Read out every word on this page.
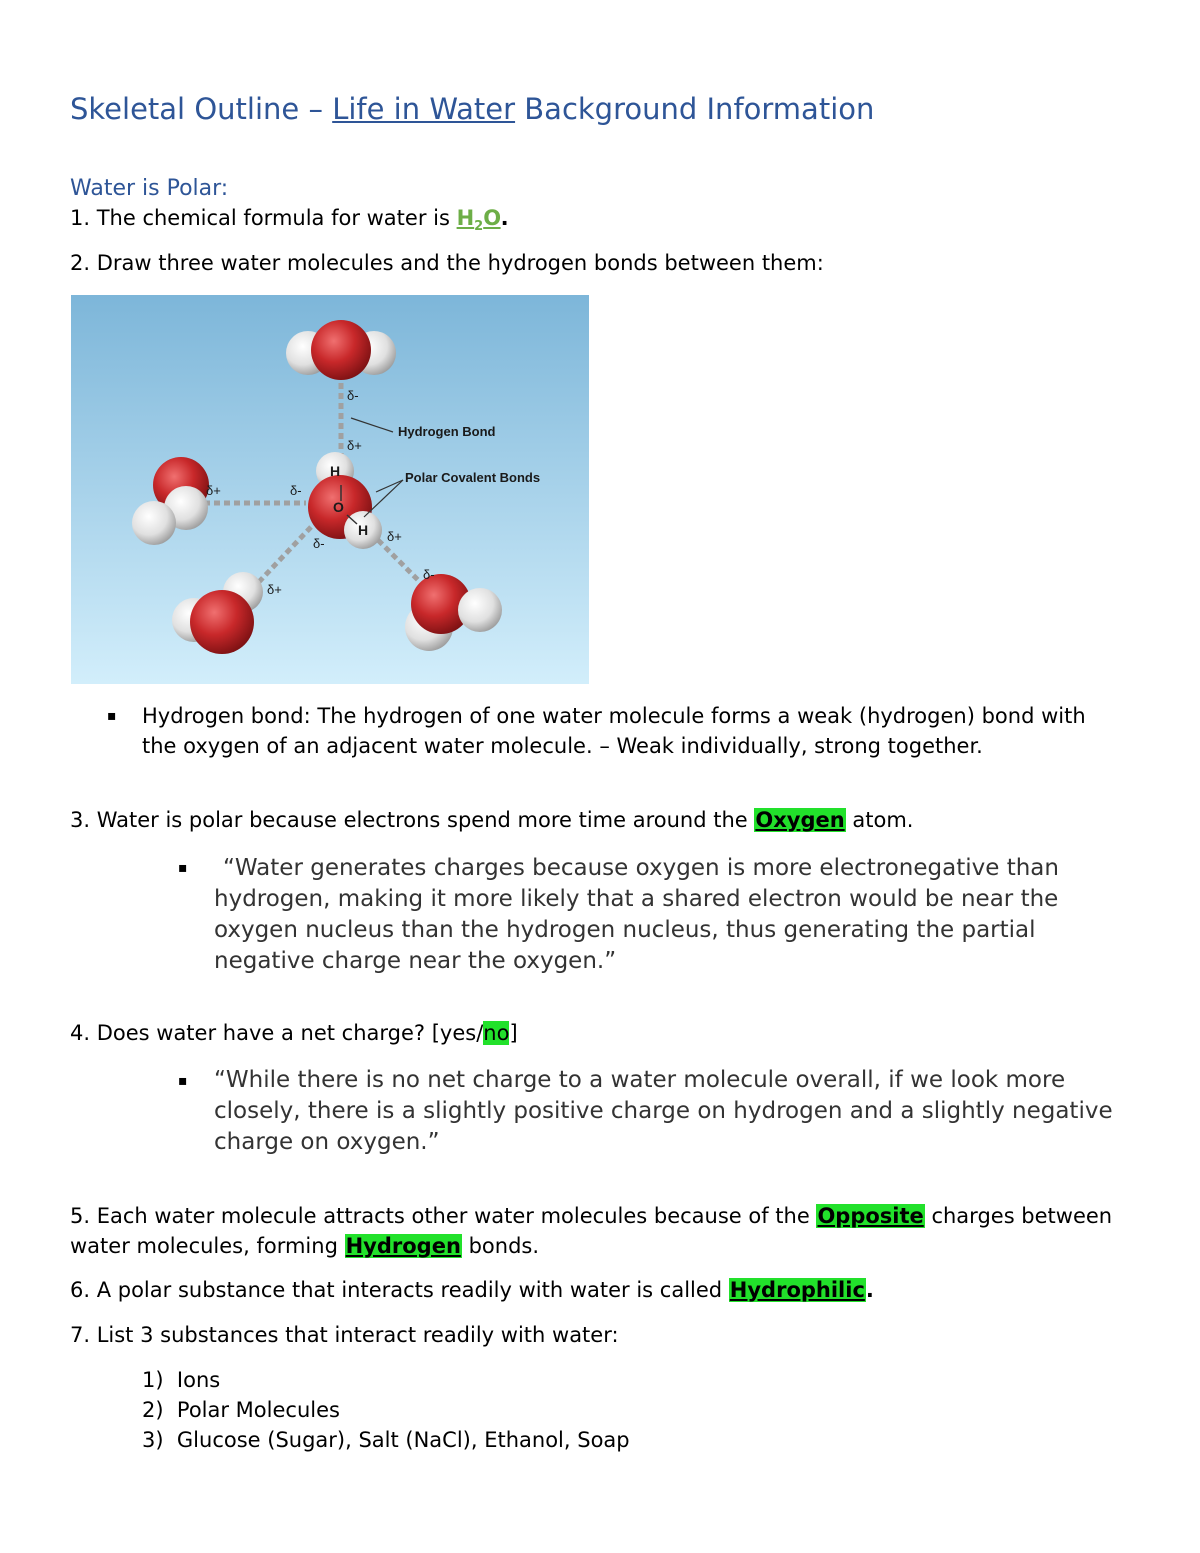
Skeletal Outline – Life in Water Background Information
Water is Polar:
1. The chemical formula for water is $H_2O$.
2. Draw three water molecules and the hydrogen bonds between them:
Hydrogen Bond
Polar Covalent Bonds
H
O
H
δ-
δ+
δ+	δ-
δ-
δ+
δ+
δ-
▪ Hydrogen bond: The hydrogen of one water molecule forms a weak (hydrogen) bond with the oxygen of an adjacent water molecule. – Weak individually, strong together.
3. Water is polar because electrons spend more time around the Oxygen atom.
▪	“Water generates charges because oxygen is more electronegative than hydrogen, making it more likely that a shared electron would be near the oxygen nucleus than the hydrogen nucleus, thus generating the partial negative charge near the oxygen.”
4. Does water have a net charge? [yes/no]
▪ “While there is no net charge to a water molecule overall, if we look more closely, there is a slightly positive charge on hydrogen and a slightly negative charge on oxygen.”
5. Each water molecule attracts other water molecules because of the Opposite charges between water molecules, forming Hydrogen bonds.
6. A polar substance that interacts readily with water is called Hydrophilic.
7. List 3 substances that interact readily with water:
1)  Ions
2)  Polar Molecules
3)  Glucose (Sugar), Salt (NaCl), Ethanol, Soap
